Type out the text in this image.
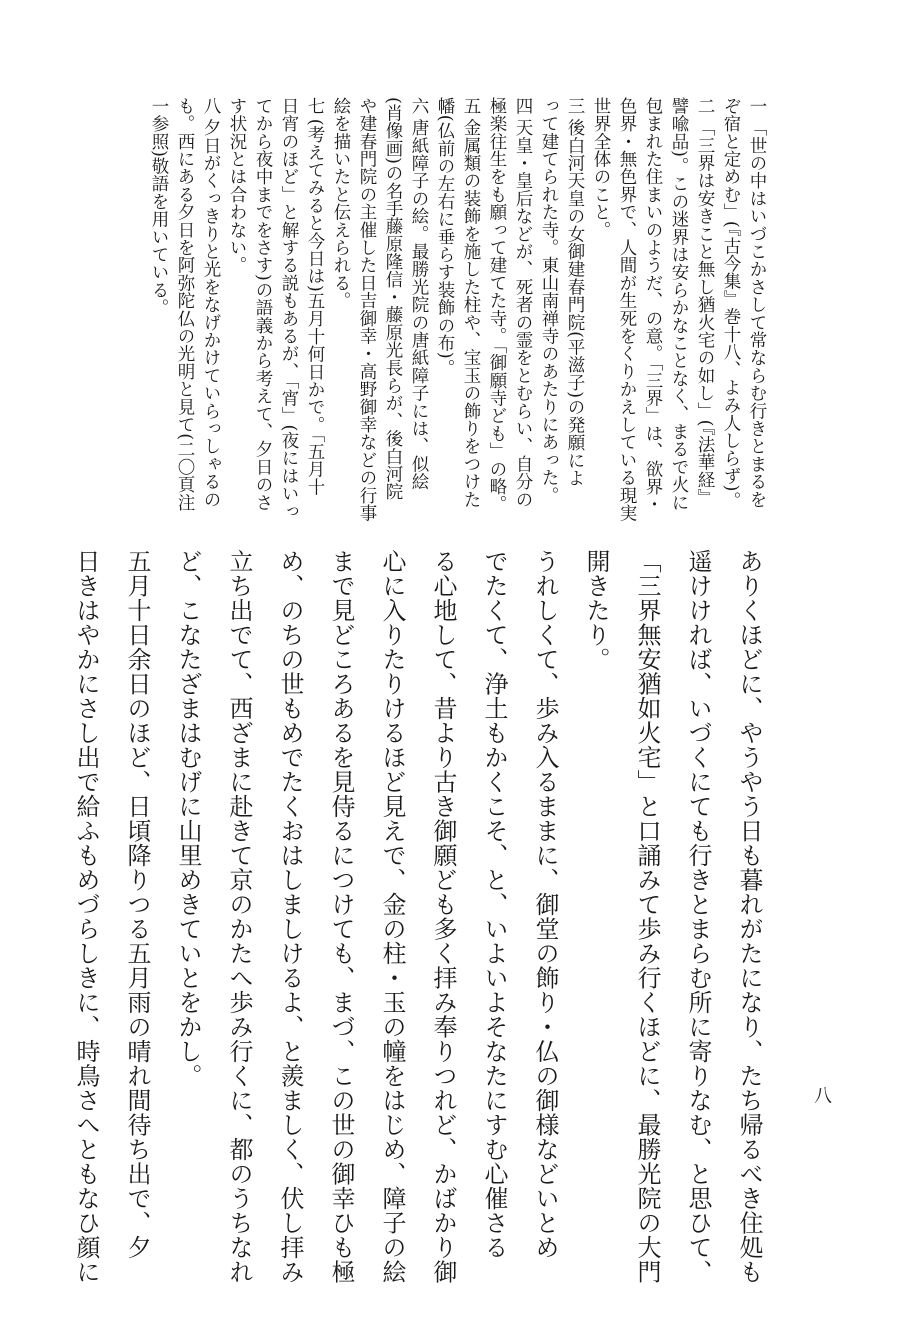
八
ありくほどに、やうやう日も暮れがたになり、たち帰るべき住処も
遥けければ、いづくにても行きとまらむ所に寄りなむ、と思ひて、
「三界無安猶如火宅」と口誦みて歩み行くほどに、最勝光院の大門
開きたり。
うれしくて、歩み入るままに、御堂の飾り・仏の御様などいとめ
でたくて、浄土もかくこそ、と、いよいよそなたにすむ心催さる
る心地して、昔より古き御願ども多く拝み奉りつれど、かばかり御
心に入りたりけるほど見えで、金の柱・玉の幢をはじめ、障子の絵
まで見どころあるを見侍るにつけても、まづ、この世の御幸ひも極
め、のちの世もめでたくおはしましけるよ、と羨ましく、伏し拝み
立ち出でて、西ざまに赴きて京のかたへ歩み行くに、都のうちなれ
ど、こなたざまはむげに山里めきていとをかし。
五月十日余日のほど、日頃降りつる五月雨の晴れ間待ち出で、夕
日きはやかにさし出で給ふもめづらしきに、時鳥さへともなひ顔に
一「世の中はいづこかさして常ならむ行きとまるを
ぞ宿と定めむ」(『古今集』巻十八、よみ人しらず)。
二「三界は安きこと無し猶火宅の如し」(『法華経』
譬喩品)。この迷界は安らかなことなく、まるで火に
包まれた住まいのようだ、の意。「三界」は、欲界・
色界・無色界で、人間が生死をくりかえしている現実
世界全体のこと。
三後白河天皇の女御建春門院(平滋子)の発願によ
って建てられた寺。東山南禅寺のあたりにあった。
四天皇・皇后などが、死者の霊をとむらい、自分の
極楽往生をも願って建てた寺。「御願寺ども」の略。
五金属類の装飾を施した柱や、宝玉の飾りをつけた
幡(仏前の左右に垂らす装飾の布)。
六唐紙障子の絵。最勝光院の唐紙障子には、似絵
(肖像画)の名手藤原隆信・藤原光長らが、後白河院
や建春門院の主催した日吉御幸・高野御幸などの行事
絵を描いたと伝えられる。
七(考えてみると今日は)五月十何日かで。「五月十
日宵のほど」と解する説もあるが、「宵」(夜にはいっ
てから夜中までをさす)の語義から考えて、夕日のさ
す状況とは合わない。
八夕日がくっきりと光をなげかけていらっしゃるの
も。西にある夕日を阿弥陀仏の光明と見て(二〇頁注
一参照)敬語を用いている。
